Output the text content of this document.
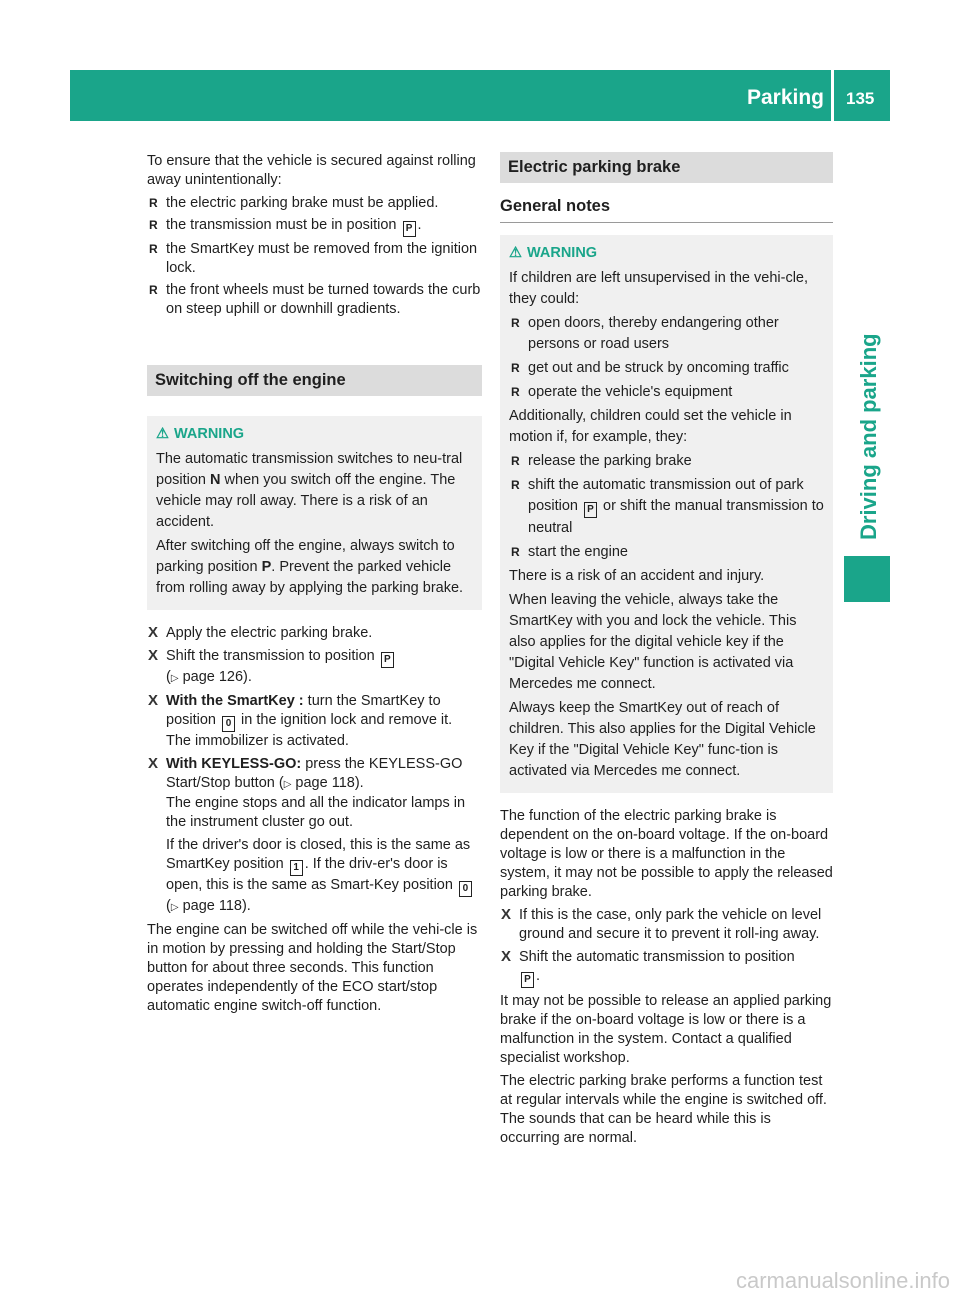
Parking 135
Driving and parking

To ensure that the vehicle is secured against rolling away unintentionally:

R the electric parking brake must be applied.
R the transmission must be in position P .
R the SmartKey must be removed from the ignition lock.
R the front wheels must be turned towards the curb on steep uphill or downhill gradients.
Switching off the engine
⚠ WARNING

The automatic transmission switches to neu-tral position N when you switch off the engine. The vehicle may roll away. There is a risk of an accident.

After switching off the engine, always switch to parking position P. Prevent the parked vehicle from rolling away by applying the parking brake.

X Apply the electric parking brake.
X Shift the transmission to position P
(▷ page 126).
X With the SmartKey : turn the SmartKey to position 0 in the ignition lock and remove it.
The immobilizer is activated.
X With KEYLESS-GO: press the KEYLESS-GO Start/Stop button (▷ page 118).
The engine stops and all the indicator lamps in the instrument cluster go out.
If the driver's door is closed, this is the same as SmartKey position 1 . If the driv-er's door is open, this is the same as Smart-Key position 0 (▷ page 118).

The engine can be switched off while the vehi-cle is in motion by pressing and holding the Start/Stop button for about three seconds. This function operates independently of the ECO start/stop automatic engine switch-off function.

Electric parking brake
General notes
⚠ WARNING

If children are left unsupervised in the vehi-cle, they could:

R open doors, thereby endangering other persons or road users
R get out and be struck by oncoming traffic
R operate the vehicle's equipment

Additionally, children could set the vehicle in motion if, for example, they:

R release the parking brake
R shift the automatic transmission out of park position P or shift the manual transmission to neutral
R start the engine

There is a risk of an accident and injury.

When leaving the vehicle, always take the SmartKey with you and lock the vehicle. This also applies for the digital vehicle key if the "Digital Vehicle Key" function is activated via Mercedes me connect.

Always keep the SmartKey out of reach of children. This also applies for the Digital Vehicle Key if the "Digital Vehicle Key" func-tion is activated via Mercedes me connect.

The function of the electric parking brake is dependent on the on-board voltage. If the on-board voltage is low or there is a malfunction in the system, it may not be possible to apply the released parking brake.

X If this is the case, only park the vehicle on level ground and secure it to prevent it roll-ing away.
X Shift the automatic transmission to position
P .

It may not be possible to release an applied parking brake if the on-board voltage is low or there is a malfunction in the system. Contact a qualified specialist workshop.

The electric parking brake performs a function test at regular intervals while the engine is switched off. The sounds that can be heard while this is occurring are normal.

carmanualsonline.info
